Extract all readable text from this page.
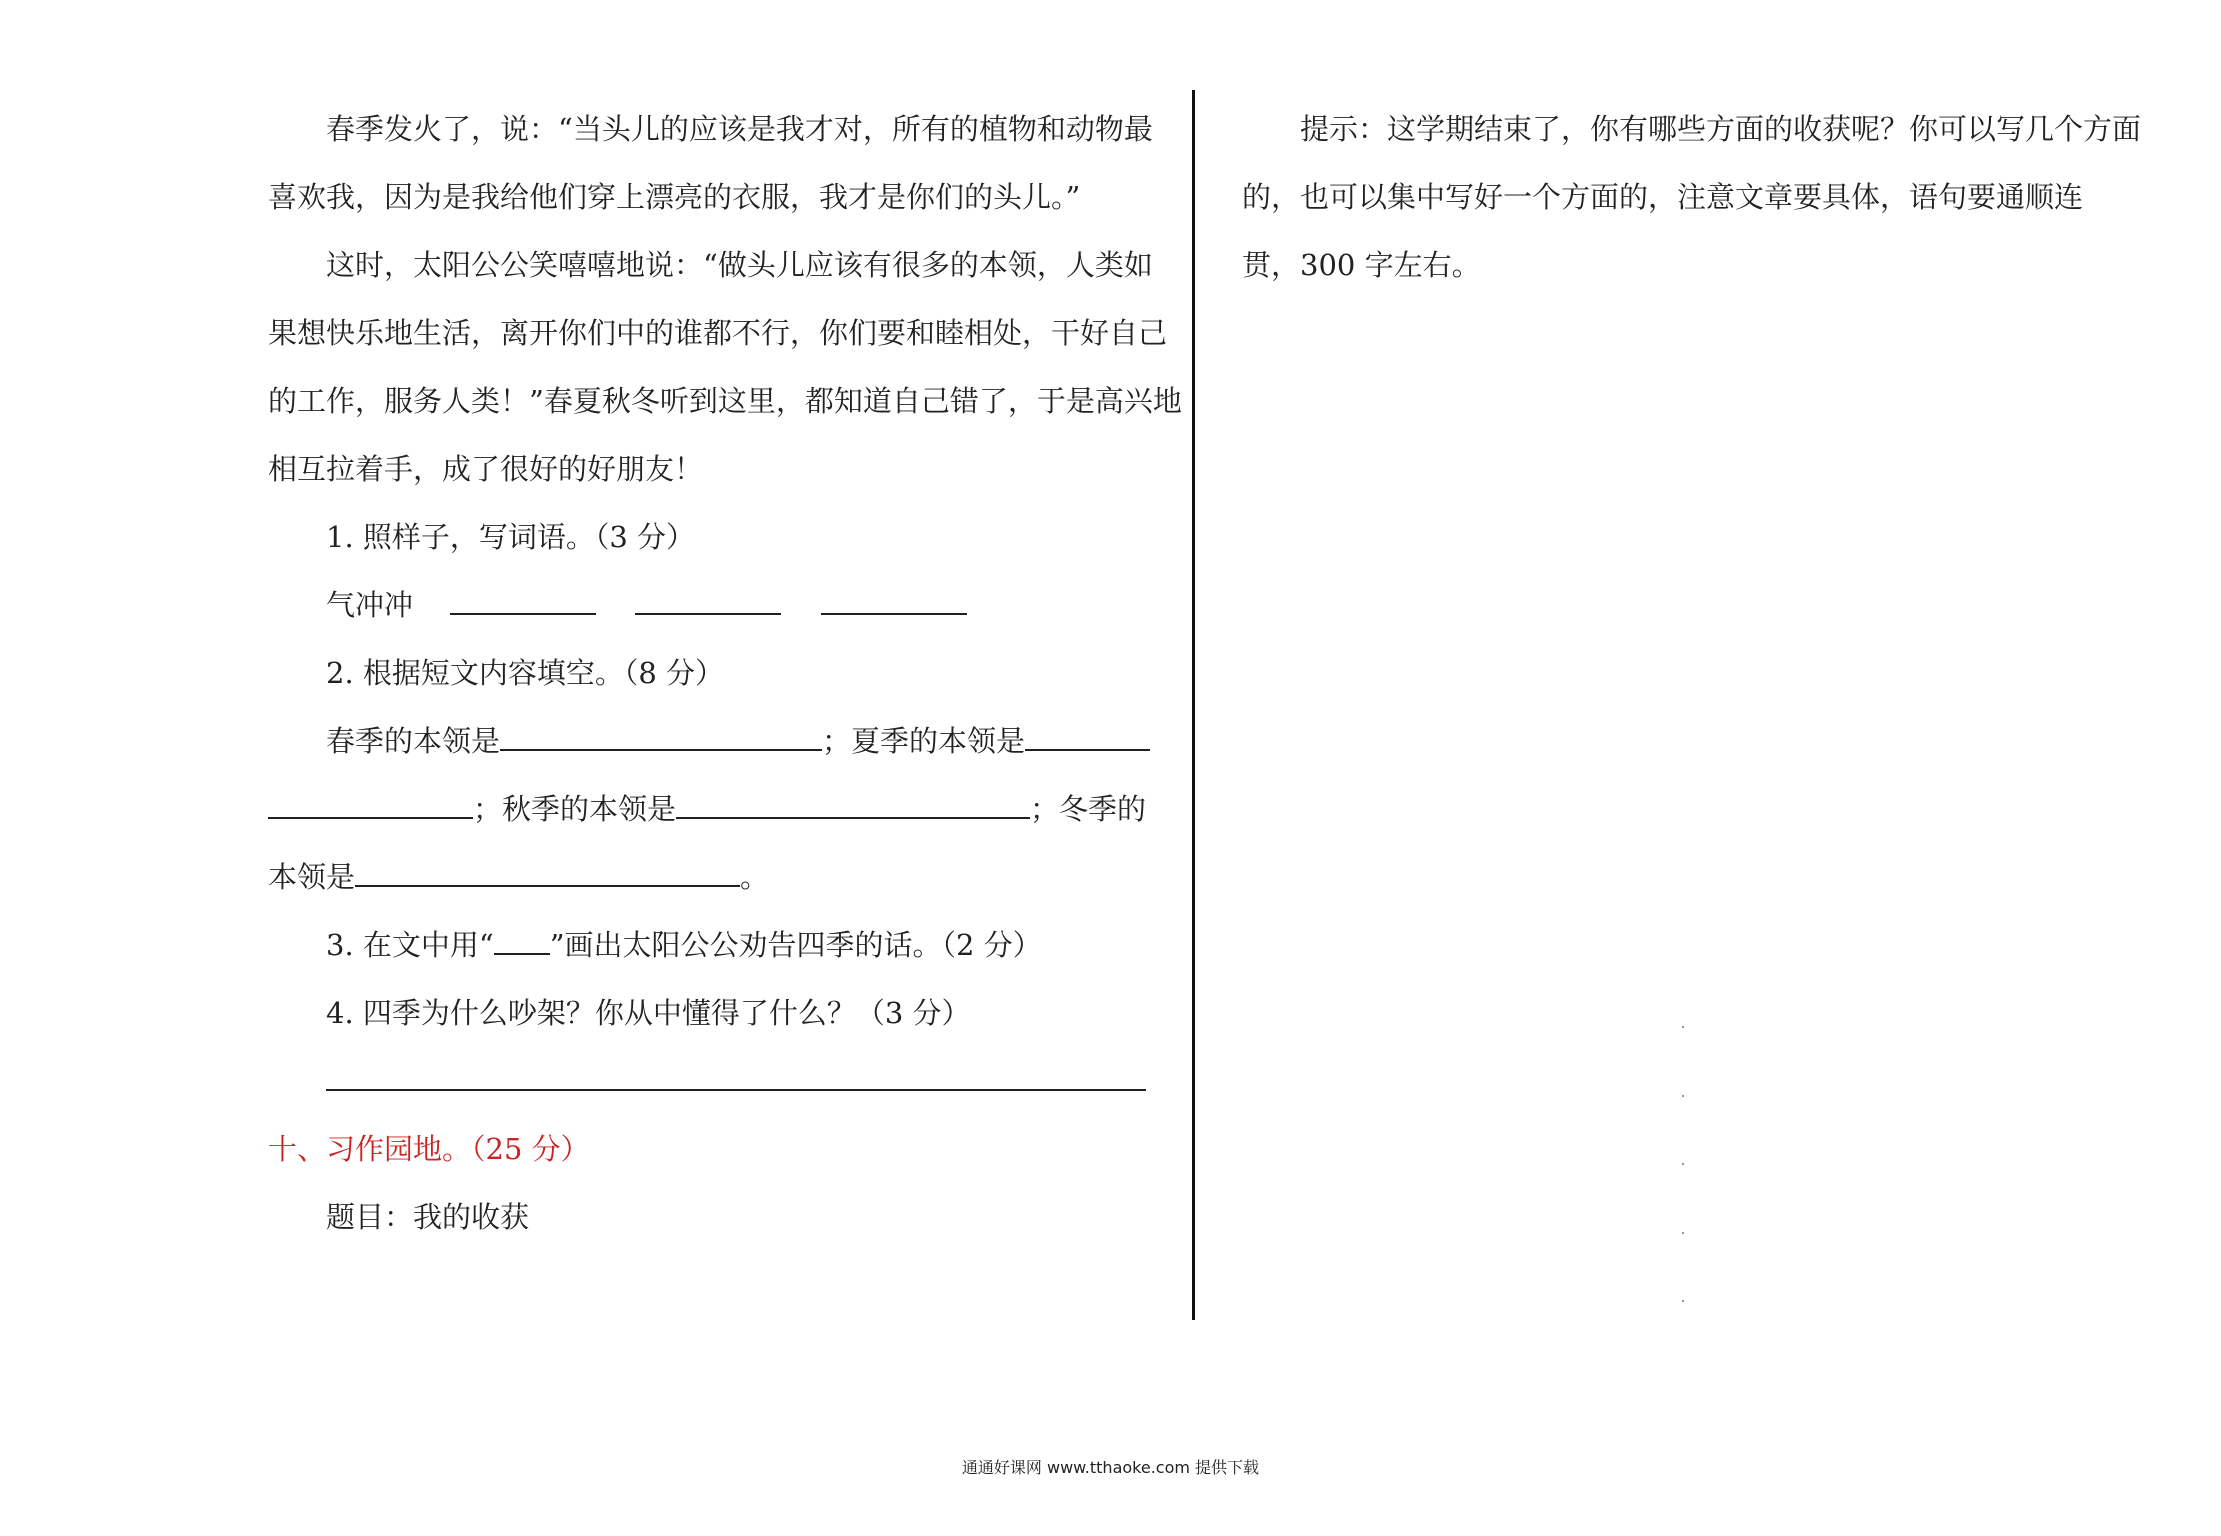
春季发火了，说：“当头儿的应该是我才对，所有的植物和动物最
喜欢我，因为是我给他们穿上漂亮的衣服，我才是你们的头儿。”
这时，太阳公公笑嘻嘻地说：“做头儿应该有很多的本领，人类如
果想快乐地生活，离开你们中的谁都不行，你们要和睦相处，干好自己
的工作，服务人类！”春夏秋冬听到这里，都知道自己错了，于是高兴地
相互拉着手，成了很好的好朋友！
1. 照样子，写词语。（3 分）
气冲冲
2. 根据短文内容填空。（8 分）
春季的本领是	；夏季的本领是
；秋季的本领是	；冬季的
本领是	。
3. 在文中用“ ”画出太阳公公劝告四季的话。（2 分）
4. 四季为什么吵架？你从中懂得了什么？（3 分）
十、习作园地。（25 分）
题目：我的收获
提示：这学期结束了，你有哪些方面的收获呢？你可以写几个方面
的，也可以集中写好一个方面的，注意文章要具体，语句要通顺连
贯，300 字左右。
通通好课网 www.tthaoke.com 提供下载
